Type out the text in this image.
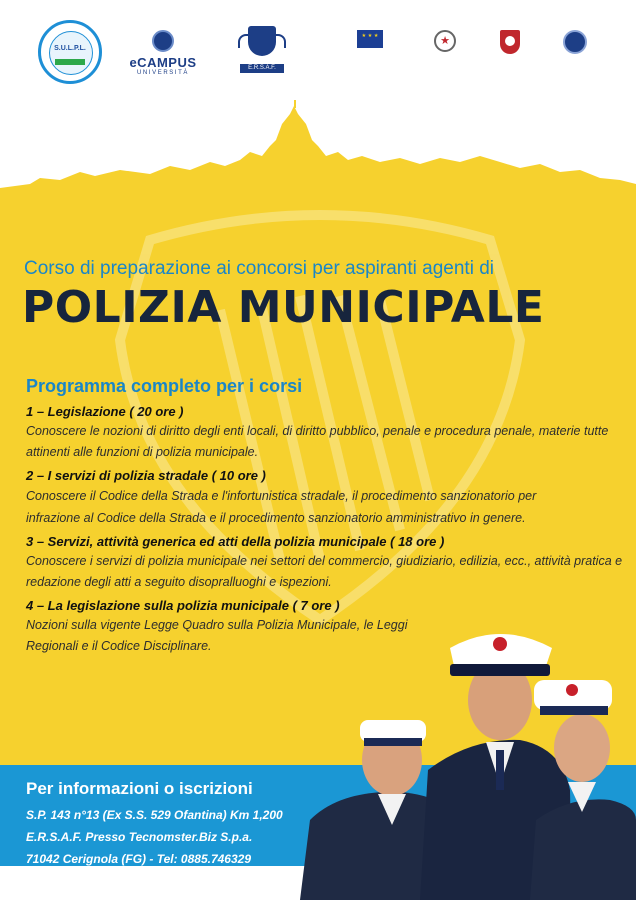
S.U.L.P.L.
eCAMPUS
UNIVERSITÀ
E.R.S.A.F.
★ ★ ★
★
Corso di preparazione ai concorsi per aspiranti agenti di
POLIZIA MUNICIPALE
Programma completo per i corsi
1 – Legislazione ( 20 ore )
Conoscere le nozioni di diritto degli enti locali, di diritto pubblico, penale e procedura penale, materie tutte attinenti alle funzioni di polizia municipale.
2 – I servizi di polizia stradale ( 10 ore )
Conoscere il Codice della Strada e l'infortunistica stradale, il procedimento sanzionatorio per infrazione al Codice della Strada e il procedimento sanzionatorio amministrativo in genere.
3 – Servizi, attività generica ed atti della polizia municipale ( 18 ore )
Conoscere i servizi di polizia municipale nei settori del commercio, giudiziario, edilizia, ecc., attività pratica e redazione degli atti a seguito disopralluoghi e ispezioni.
4 – La legislazione sulla polizia municipale ( 7 ore )
Nozioni sulla vigente Legge Quadro sulla Polizia Municipale, le Leggi Regionali e il Codice Disciplinare.
Per informazioni o iscrizioni
S.P. 143 n°13 (Ex S.S. 529 Ofantina) Km 1,200
E.R.S.A.F. Presso Tecnomster.Biz S.p.a.
71042 Cerignola (FG) - Tel: 0885.746329
